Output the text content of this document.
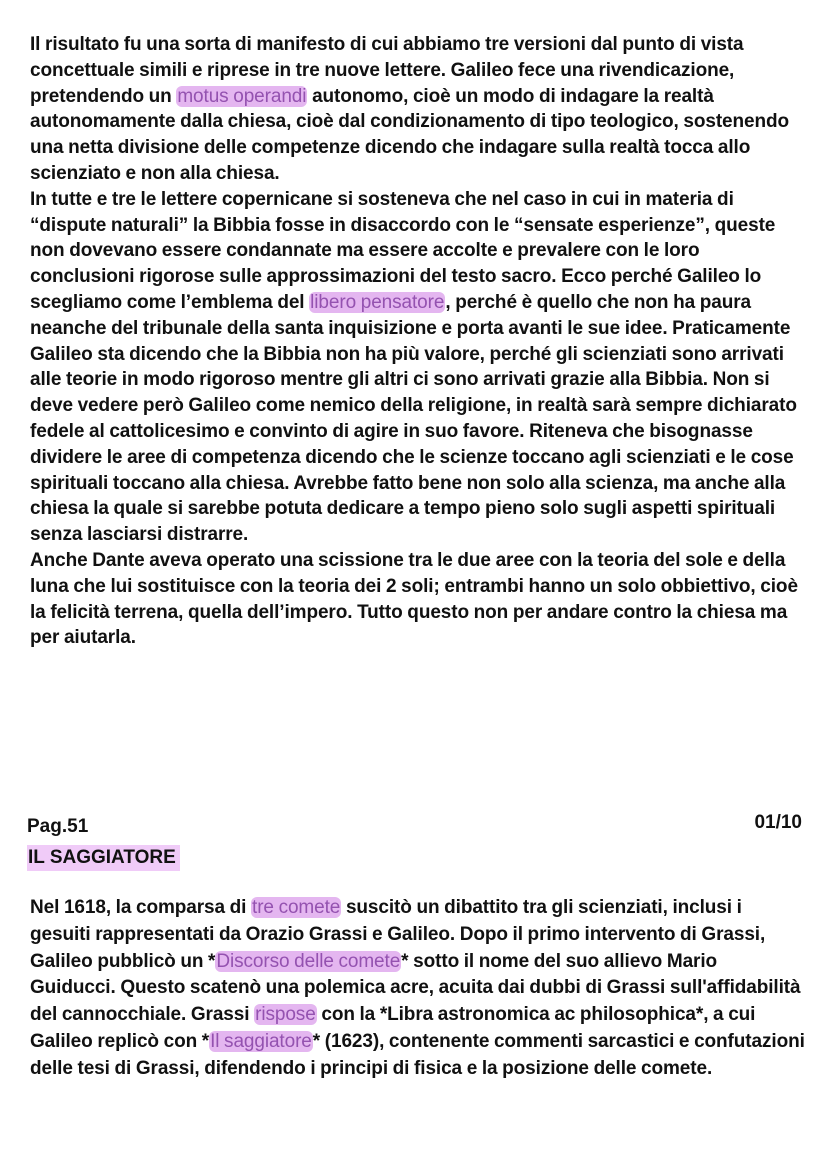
Il risultato fu una sorta di manifesto di cui abbiamo tre versioni dal punto di vista concettuale simili e riprese in tre nuove lettere. Galileo fece una rivendicazione, pretendendo un motus operandi autonomo, cioè un modo di indagare la realtà autonomamente dalla chiesa, cioè dal condizionamento di tipo teologico, sostenendo una netta divisione delle competenze dicendo che indagare sulla realtà tocca allo scienziato e non alla chiesa.
In tutte e tre le lettere copernicane si sosteneva che nel caso in cui in materia di “dispute naturali” la Bibbia fosse in disaccordo con le “sensate esperienze”, queste non dovevano essere condannate ma essere accolte e prevalere con le loro conclusioni rigorose sulle approssimazioni del testo sacro. Ecco perché Galileo lo scegliamo come l’emblema del libero pensatore, perché è quello che non ha paura neanche del tribunale della santa inquisizione e porta avanti le sue idee. Praticamente Galileo sta dicendo che la Bibbia non ha più valore, perché gli scienziati sono arrivati alle teorie in modo rigoroso mentre gli altri ci sono arrivati grazie alla Bibbia. Non si deve vedere però Galileo come nemico della religione, in realtà sarà sempre dichiarato fedele al cattolicesimo e convinto di agire in suo favore. Riteneva che bisognasse dividere le aree di competenza dicendo che le scienze toccano agli scienziati e le cose spirituali toccano alla chiesa. Avrebbe fatto bene non solo alla scienza, ma anche alla chiesa la quale si sarebbe potuta dedicare a tempo pieno solo sugli aspetti spirituali senza lasciarsi distrarre.
Anche Dante aveva operato una scissione tra le due aree con la teoria del sole e della luna che lui sostituisce con la teoria dei 2 soli; entrambi hanno un solo obbiettivo, cioè la felicità terrena, quella dell’impero. Tutto questo non per andare contro la chiesa ma per aiutarla.
Pag.51	01/10
IL SAGGIATORE
Nel 1618, la comparsa di tre comete suscitò un dibattito tra gli scienziati, inclusi i gesuiti rappresentati da Orazio Grassi e Galileo. Dopo il primo intervento di Grassi, Galileo pubblicò un *Discorso delle comete* sotto il nome del suo allievo Mario Guiducci. Questo scatenò una polemica acre, acuita dai dubbi di Grassi sull'affidabilità del cannocchiale. Grassi rispose con la *Libra astronomica ac philosophica*, a cui Galileo replicò con *Il saggiatore* (1623), contenente commenti sarcastici e confutazioni delle tesi di Grassi, difendendo i principi di fisica e la posizione delle comete.
